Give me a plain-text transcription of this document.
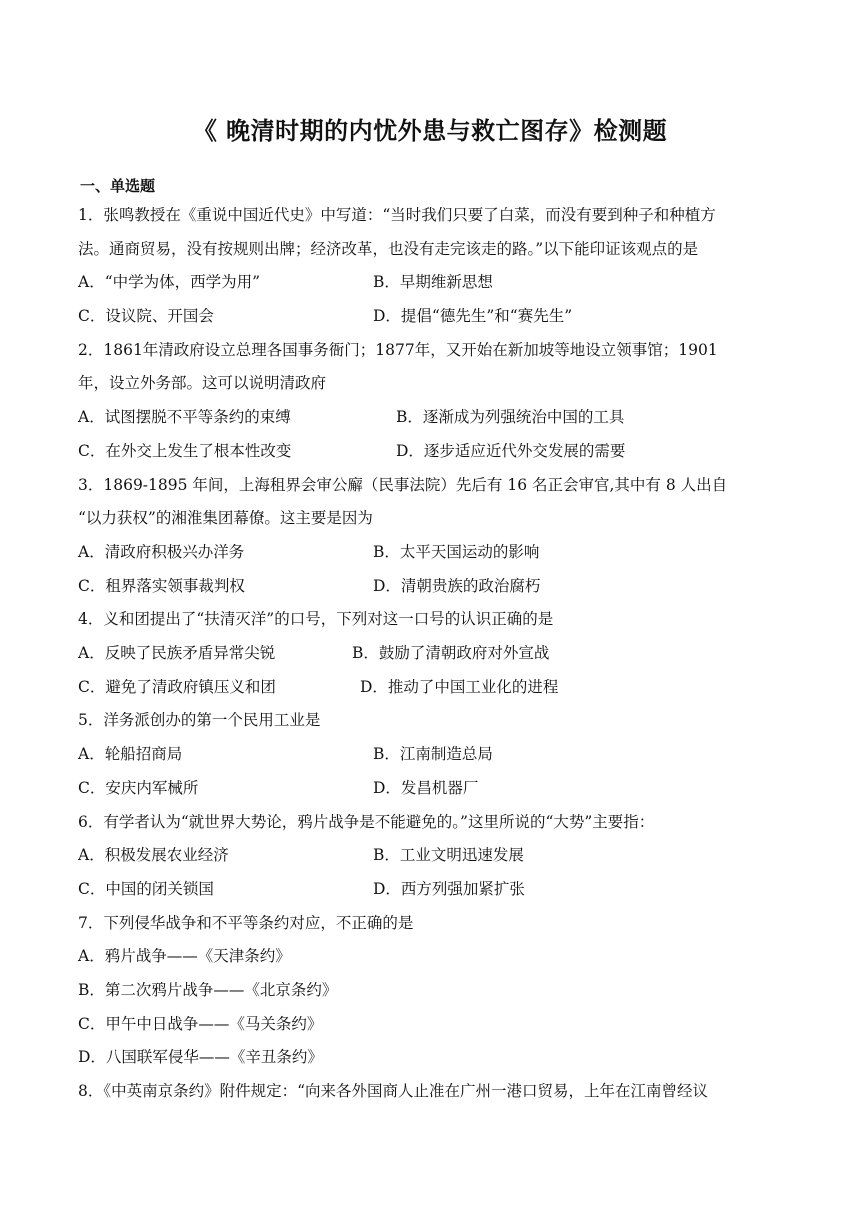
《 晚清时期的内忧外患与救亡图存》检测题
一、单选题
1．张鸣教授在《重说中国近代史》中写道：“当时我们只要了白菜，而没有要到种子和种植方
法。通商贸易，没有按规则出牌；经济改革，也没有走完该走的路。”以下能印证该观点的是
A．“中学为体，西学为用”	B．早期维新思想
C．设议院、开国会	D．提倡“德先生”和“赛先生”
2．1861年清政府设立总理各国事务衙门；1877年，又开始在新加坡等地设立领事馆；1901
年，设立外务部。这可以说明清政府
A．试图摆脱不平等条约的束缚	B．逐渐成为列强统治中国的工具
C．在外交上发生了根本性改变	D．逐步适应近代外交发展的需要
3．1869-1895 年间，上海租界会审公廨（民事法院）先后有 16 名正会审官,其中有 8 人出自
“以力获权”的湘淮集团幕僚。这主要是因为
A．清政府积极兴办洋务	B．太平天国运动的影响
C．租界落实领事裁判权	D．清朝贵族的政治腐朽
4．义和团提出了“扶清灭洋”的口号，下列对这一口号的认识正确的是
A．反映了民族矛盾异常尖锐	B．鼓励了清朝政府对外宣战
C．避免了清政府镇压义和团	D．推动了中国工业化的进程
5．洋务派创办的第一个民用工业是
A．轮船招商局	B．江南制造总局
C．安庆内军械所	D．发昌机器厂
6．有学者认为“就世界大势论，鸦片战争是不能避免的。”这里所说的“大势”主要指：
A．积极发展农业经济	B．工业文明迅速发展
C．中国的闭关锁国	D．西方列强加紧扩张
7．下列侵华战争和不平等条约对应，不正确的是
A．鸦片战争——《天津条约》
B．第二次鸦片战争——《北京条约》
C．甲午中日战争——《马关条约》
D．八国联军侵华——《辛丑条约》
8．《中英南京条约》附件规定：“向来各外国商人止准在广州一港口贸易，上年在江南曾经议
